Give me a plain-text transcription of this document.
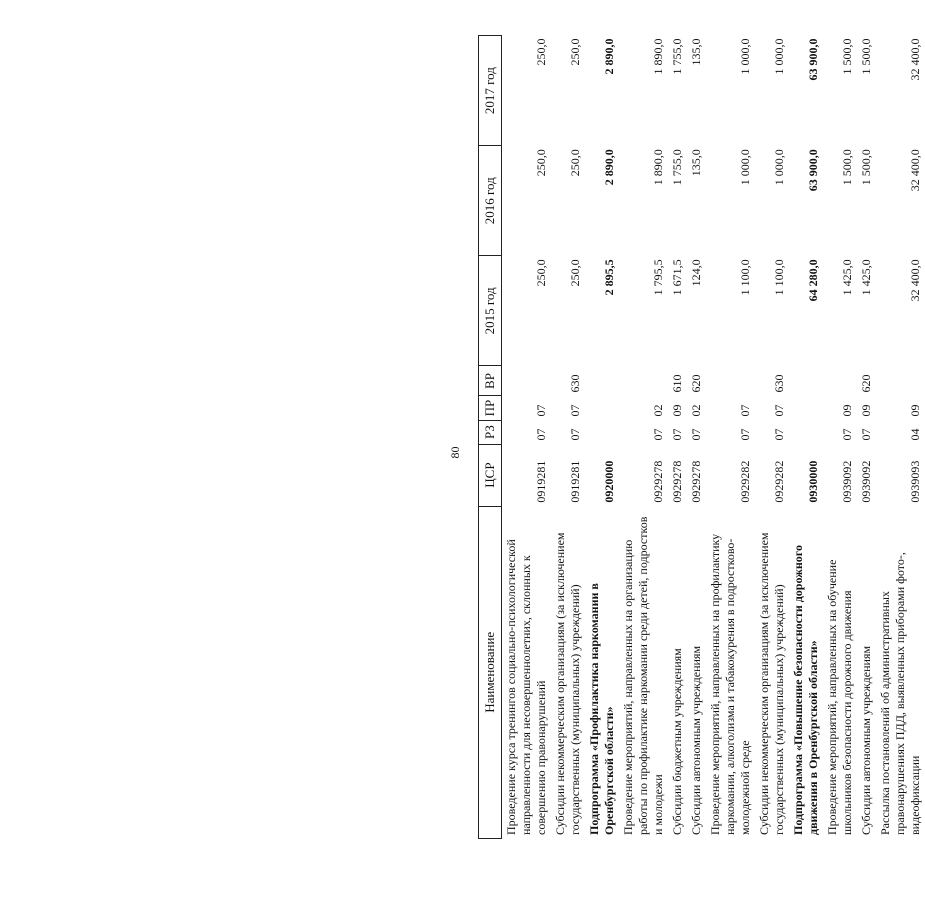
80
Наименование	ЦСР	РЗ	ПР	ВР	2015 год	2016 год	2017 год
Проведение курса тренингов социально-психологической направленности для несовершеннолетних, склонных к совершению правонарушений	0919281	07	07		250,0	250,0	250,0
Субсидии некоммерческим организациям (за исключением государственных (муниципальных) учреждений)	0919281	07	07	630	250,0	250,0	250,0
Подпрограмма «Профилактика наркомании в Оренбургской области»	0920000				2 895,5	2 890,0	2 890,0
Проведение мероприятий, направленных на организацию работы по профилактике наркомании среди детей, подростков и молодежи	0929278	07	02		1 795,5	1 890,0	1 890,0
Субсидии бюджетным учреждениям	0929278	07	09	610	1 671,5	1 755,0	1 755,0
Субсидии автономным учреждениям	0929278	07	02	620	124,0	135,0	135,0
Проведение мероприятий, направленных на профилактику наркомании, алкоголизма и табакокурения в подростково-молодежной среде	0929282	07	07		1 100,0	1 000,0	1 000,0
Субсидии некоммерческим организациям (за исключением государственных (муниципальных) учреждений)	0929282	07	07	630	1 100,0	1 000,0	1 000,0
Подпрограмма «Повышение безопасности дорожного движения в Оренбургской области»	0930000				64 280,0	63 900,0	63 900,0
Проведение мероприятий, направленных на обучение школьников безопасности дорожного движения	0939092	07	09		1 425,0	1 500,0	1 500,0
Субсидии автономным учреждениям	0939092	07	09	620	1 425,0	1 500,0	1 500,0
Рассылка постановлений об административных правонарушениях ПДД, выявленных приборами фото-, видеофиксации	0939093	04	09		32 400,0	32 400,0	32 400,0
